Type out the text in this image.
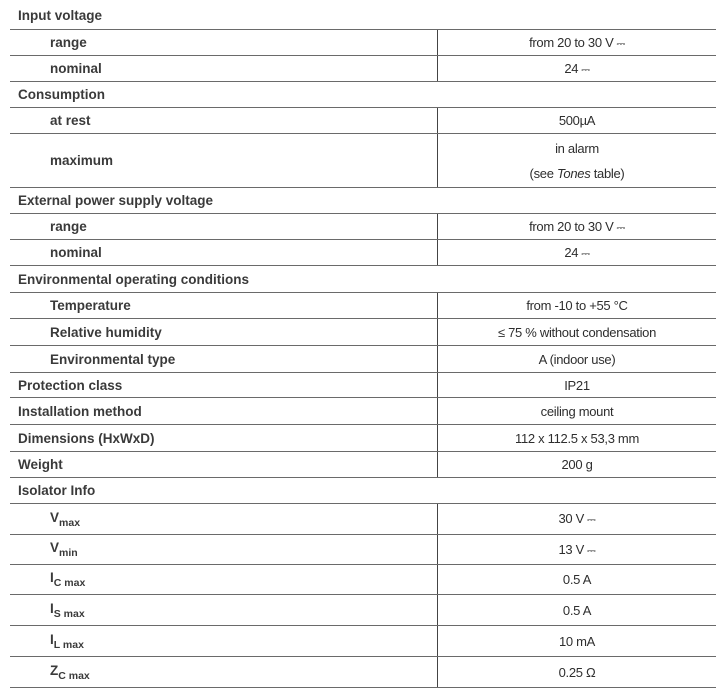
Input voltage	
range	from 20 to 30 V ⎓
nominal	24 ⎓
Consumption	
at rest	500µA
maximum	in alarm
(see Tones table)
External power supply voltage	
range	from 20 to 30 V ⎓
nominal	24 ⎓
Environmental operating conditions	
Temperature	from -10 to +55 °C
Relative humidity	≤ 75 % without condensation
Environmental type	A (indoor use)
Protection class	IP21
Installation method	ceiling mount
Dimensions (HxWxD)	112 x 112.5 x 53,3 mm
Weight	200 g
Isolator Info	
$V_{max}$	30 V ⎓
$V_{min}$	13 V ⎓
$I_{C max}$	0.5 A
$I_{S max}$	0.5 A
$I_{L max}$	10 mA
$Z_{C max}$	0.25 Ω
